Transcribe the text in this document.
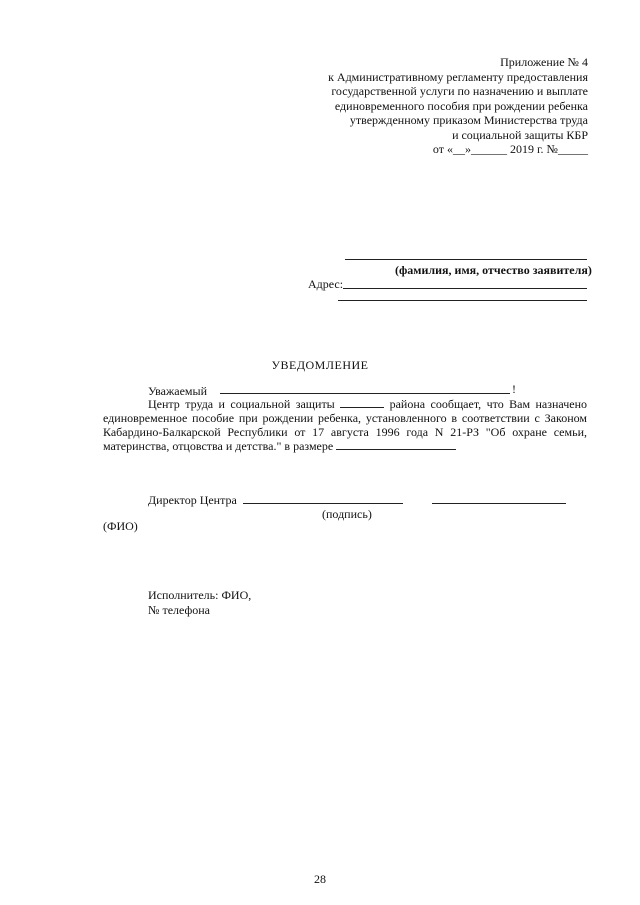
Приложение № 4
к Административному регламенту предоставления
государственной услуги по назначению и выплате
единовременного пособия при рождении ребенка
утвержденному приказом Министерства труда
и социальной защиты КБР
от «__»______ 2019 г. №_____
(фамилия, имя, отчество заявителя)
Адрес:
УВЕДОМЛЕНИЕ
Уважаемый	!

Центр труда и социальной защиты	района сообщает, что Вам назначено единовременное пособие при рождении ребенка, установленного в соответствии с Законом Кабардино-Балкарской Республики от 17 августа 1996 года N 21-РЗ "Об охране семьи, материнства, отцовства и детства." в размере

Директор Центра
(подпись)
(ФИО)
Исполнитель: ФИО,
№ телефона
28
